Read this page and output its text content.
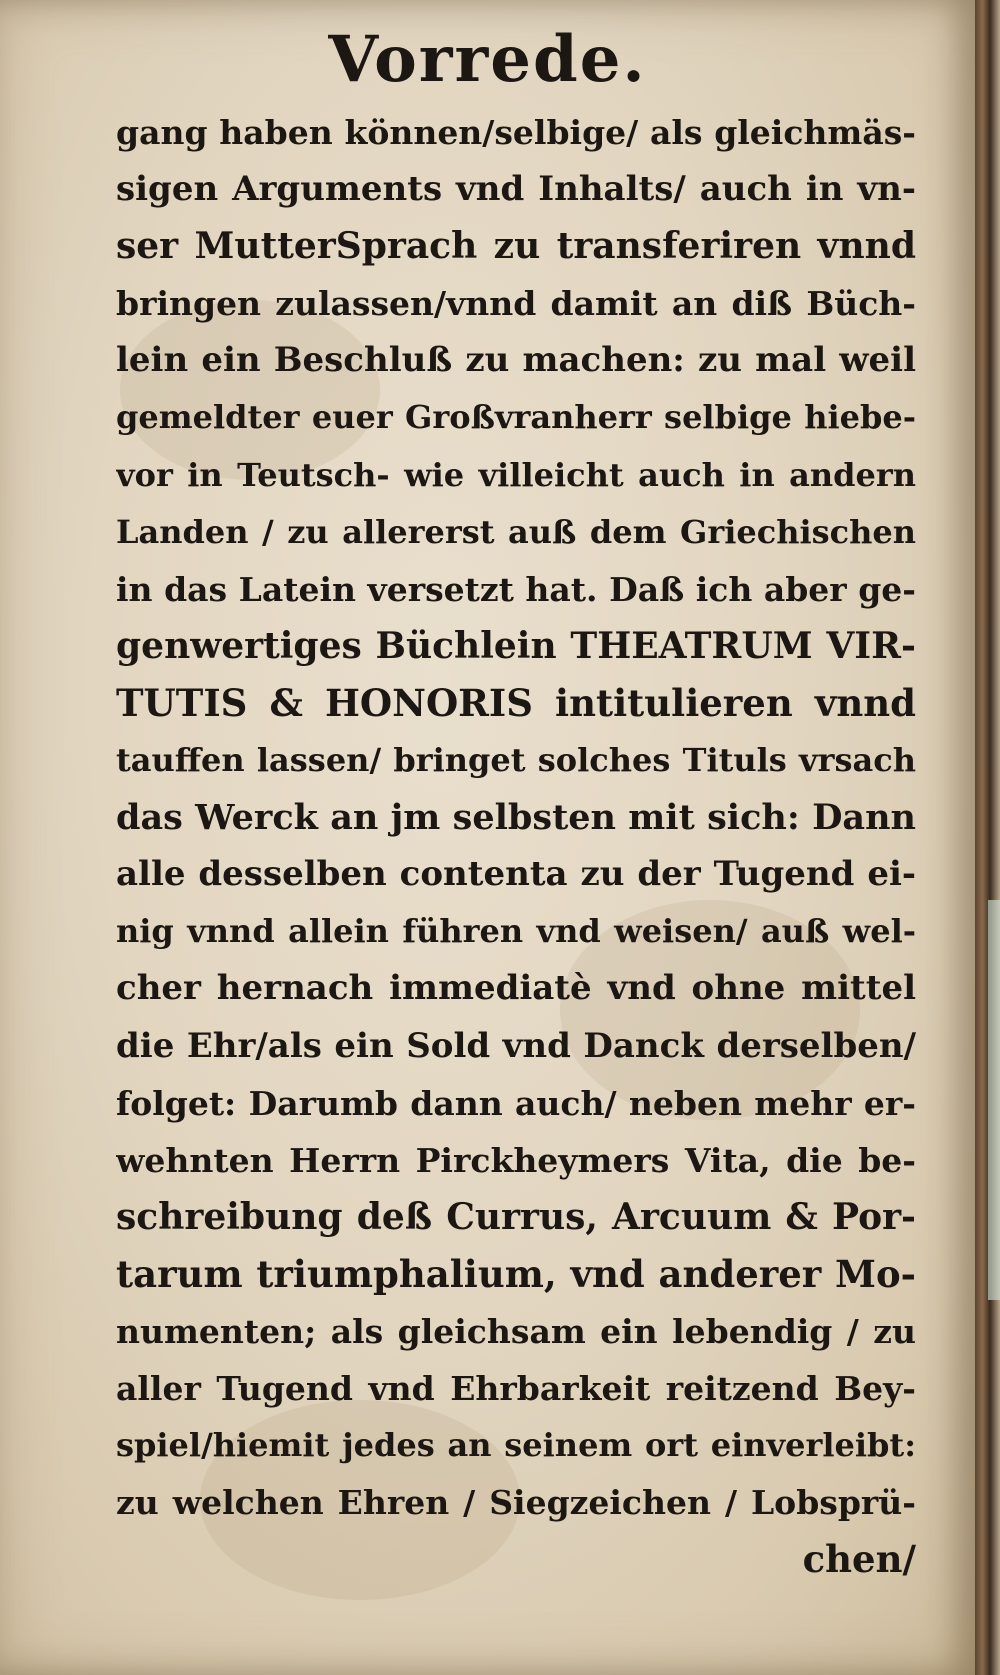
Vorrede.
gang haben können/selbige/ als gleichmäs-
sigen Arguments vnd Inhalts/ auch in vn-
ser MutterSprach zu transferiren vnnd
bringen zulassen/vnnd damit an diß Büch-
lein ein Beschluß zu machen: zu mal weil
gemeldter euer Großvranherr selbige hiebe-
vor in Teutsch- wie villeicht auch in andern
Landen / zu allererst auß dem Griechischen
in das Latein versetzt hat. Daß ich aber ge-
genwertiges Büchlein THEATRUM VIR-
TUTIS & HONORIS intitulieren vnnd
tauffen lassen/ bringet solches Tituls vrsach
das Werck an jm selbsten mit sich: Dann
alle desselben contenta zu der Tugend ei-
nig vnnd allein führen vnd weisen/ auß wel-
cher hernach immediatè vnd ohne mittel
die Ehr/als ein Sold vnd Danck derselben/
folget: Darumb dann auch/ neben mehr er-
wehnten Herrn Pirckheymers Vita, die be-
schreibung deß Currus, Arcuum & Por-
tarum triumphalium, vnd anderer Mo-
numenten; als gleichsam ein lebendig / zu
aller Tugend vnd Ehrbarkeit reitzend Bey-
spiel/hiemit jedes an seinem ort einverleibt:
zu welchen Ehren / Siegzeichen / Lobsprü-
chen/
